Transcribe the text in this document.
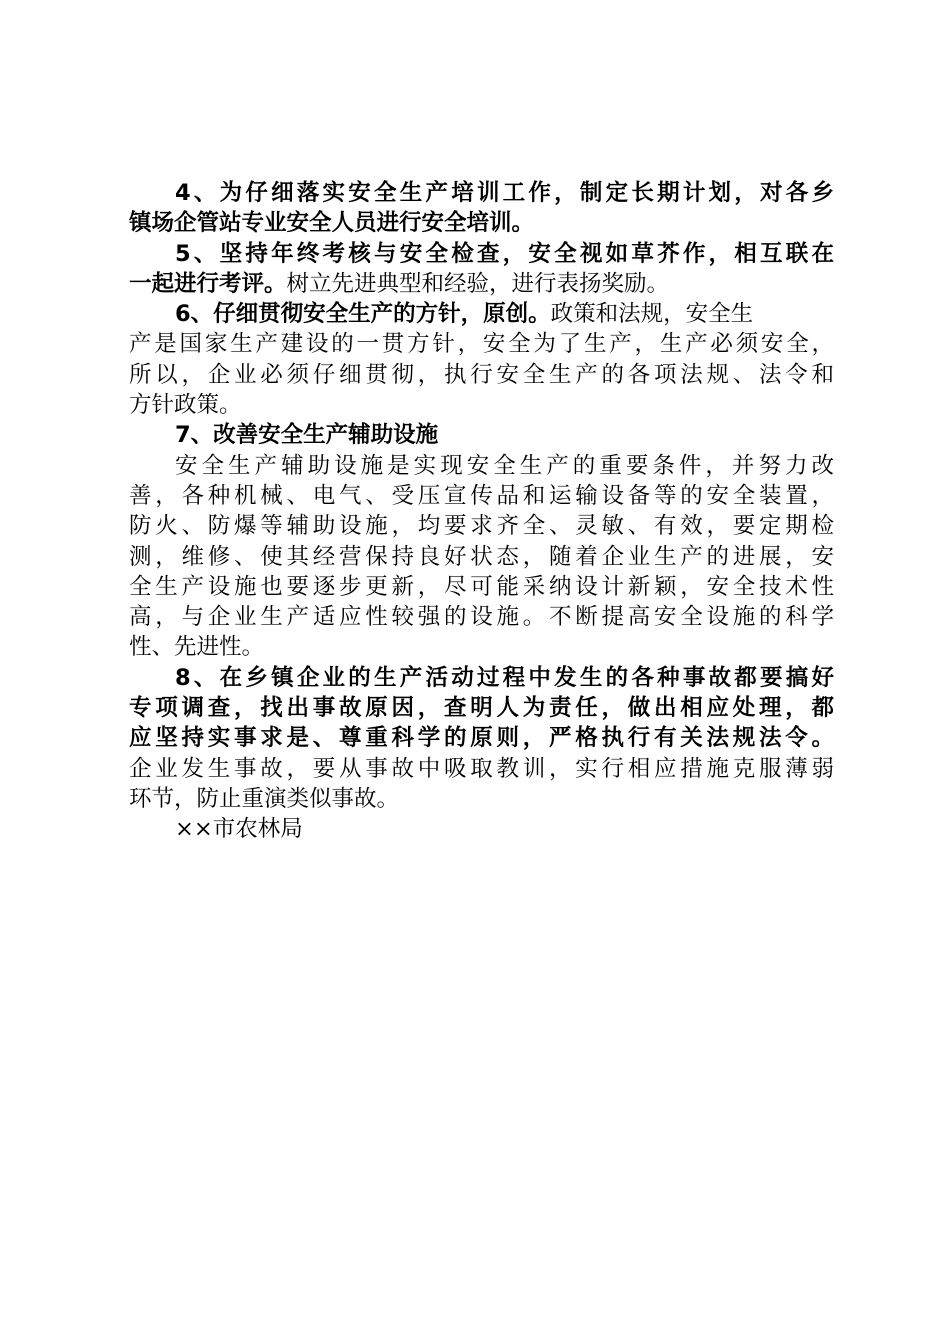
4、为仔细落实安全生产培训工作，制定长期计划，对各乡
镇场企管站专业安全人员进行安全培训。
5、坚持年终考核与安全检查，安全视如草芥作，相互联在
一起进行考评。树立先进典型和经验，进行表扬奖励。
6、仔细贯彻安全生产的方针，原创。政策和法规，安全生
产是国家生产建设的一贯方针，安全为了生产，生产必须安全，
所以，企业必须仔细贯彻，执行安全生产的各项法规、法令和
方针政策。
7、改善安全生产辅助设施
安全生产辅助设施是实现安全生产的重要条件，并努力改
善，各种机械、电气、受压宣传品和运输设备等的安全装置，
防火、防爆等辅助设施，均要求齐全、灵敏、有效，要定期检
测，维修、使其经营保持良好状态，随着企业生产的进展，安
全生产设施也要逐步更新，尽可能采纳设计新颖，安全技术性
高，与企业生产适应性较强的设施。不断提高安全设施的科学
性、先进性。
8、在乡镇企业的生产活动过程中发生的各种事故都要搞好
专项调查，找出事故原因，查明人为责任，做出相应处理，都
应坚持实事求是、尊重科学的原则，严格执行有关法规法令。
企业发生事故，要从事故中吸取教训，实行相应措施克服薄弱
环节，防止重演类似事故。
××市农林局
